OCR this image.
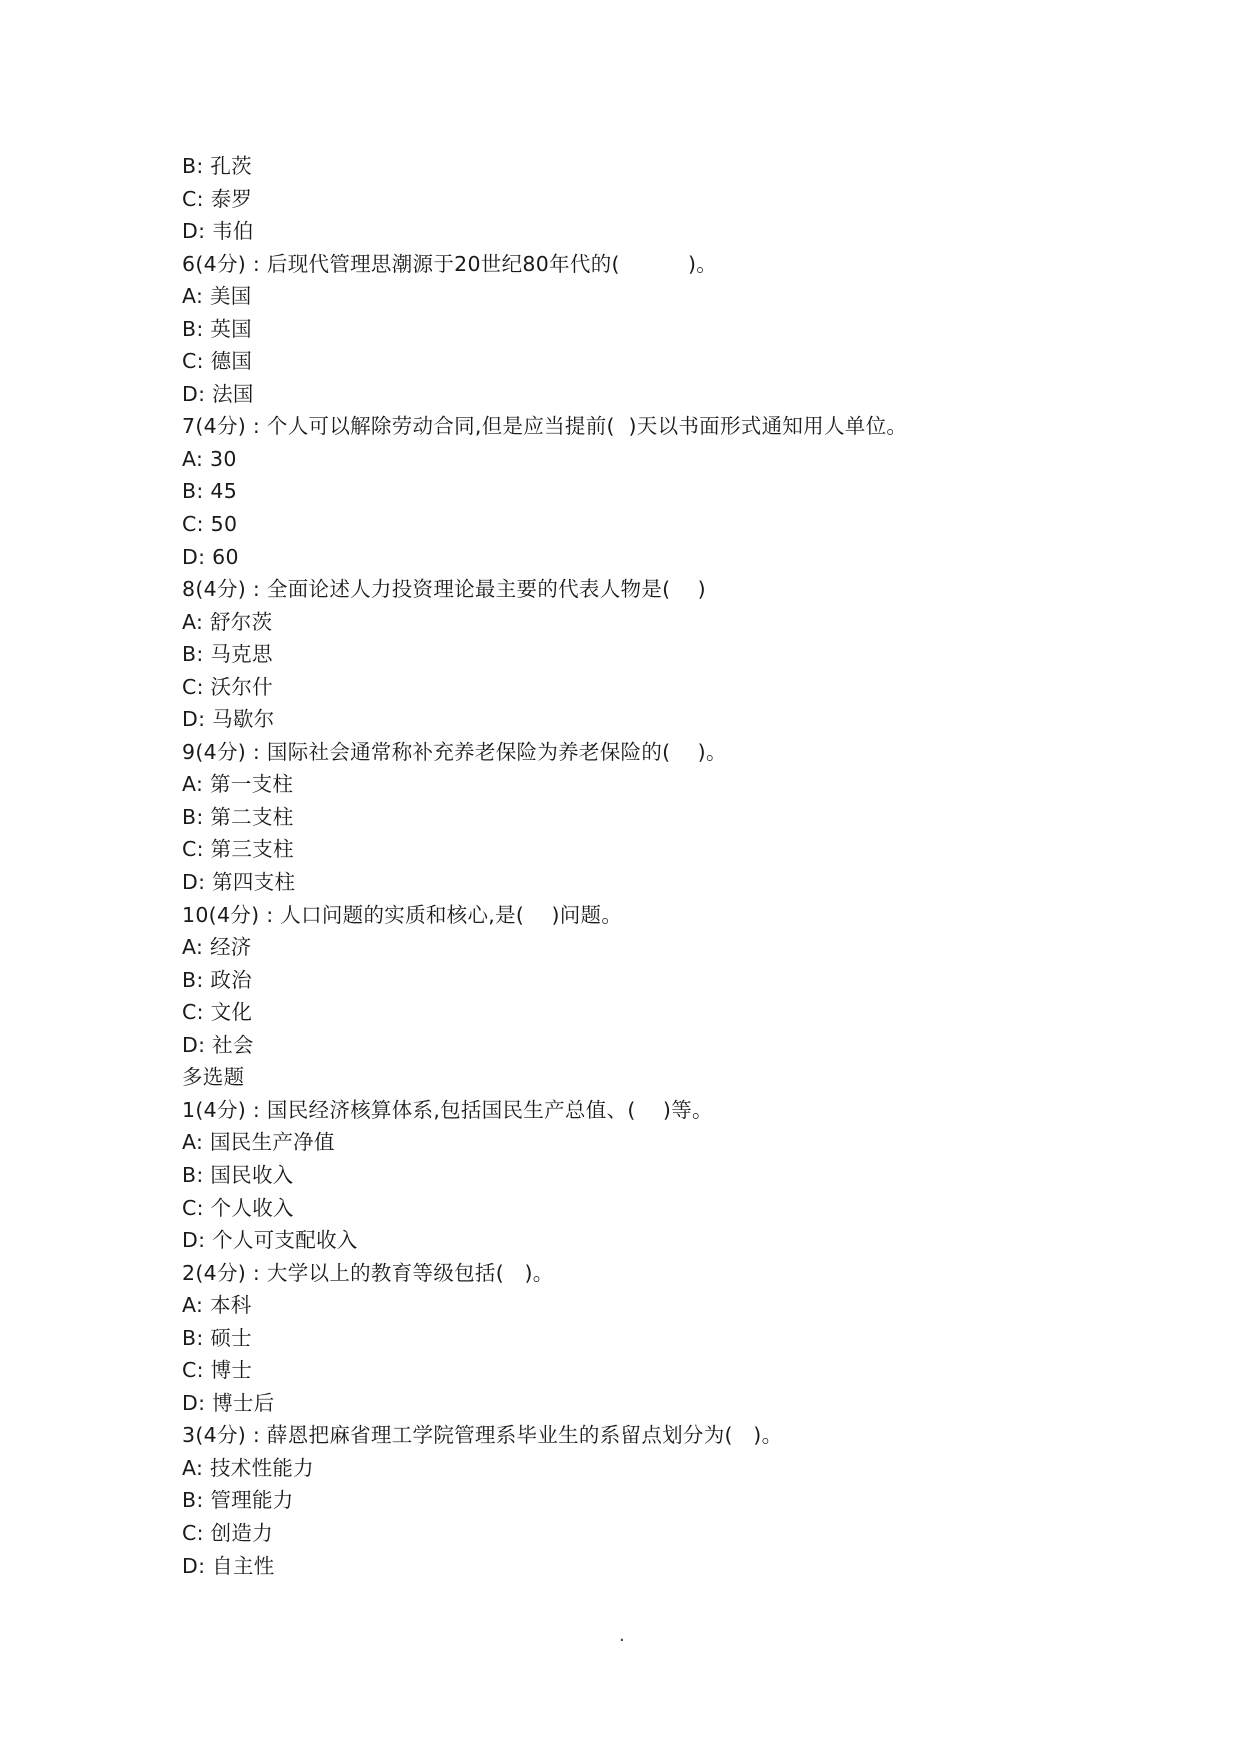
B: 孔茨
C: 泰罗
D: 韦伯
6(4分) : 后现代管理思潮源于20世纪80年代的(          )。
A: 美国
B: 英国
C: 德国
D: 法国
7(4分) : 个人可以解除劳动合同,但是应当提前(  )天以书面形式通知用人单位。
A: 30
B: 45
C: 50
D: 60
8(4分) : 全面论述人力投资理论最主要的代表人物是(    )
A: 舒尔茨
B: 马克思
C: 沃尔什
D: 马歇尔
9(4分) : 国际社会通常称补充养老保险为养老保险的(    )。
A: 第一支柱
B: 第二支柱
C: 第三支柱
D: 第四支柱
10(4分) : 人口问题的实质和核心,是(    )问题。
A: 经济
B: 政治
C: 文化
D: 社会
多选题
1(4分) : 国民经济核算体系,包括国民生产总值、(    )等。
A: 国民生产净值
B: 国民收入
C: 个人收入
D: 个人可支配收入
2(4分) : 大学以上的教育等级包括(   )。
A: 本科
B: 硕士
C: 博士
D: 博士后
3(4分) : 薛恩把麻省理工学院管理系毕业生的系留点划分为(   )。
A: 技术性能力
B: 管理能力
C: 创造力
D: 自主性
.
